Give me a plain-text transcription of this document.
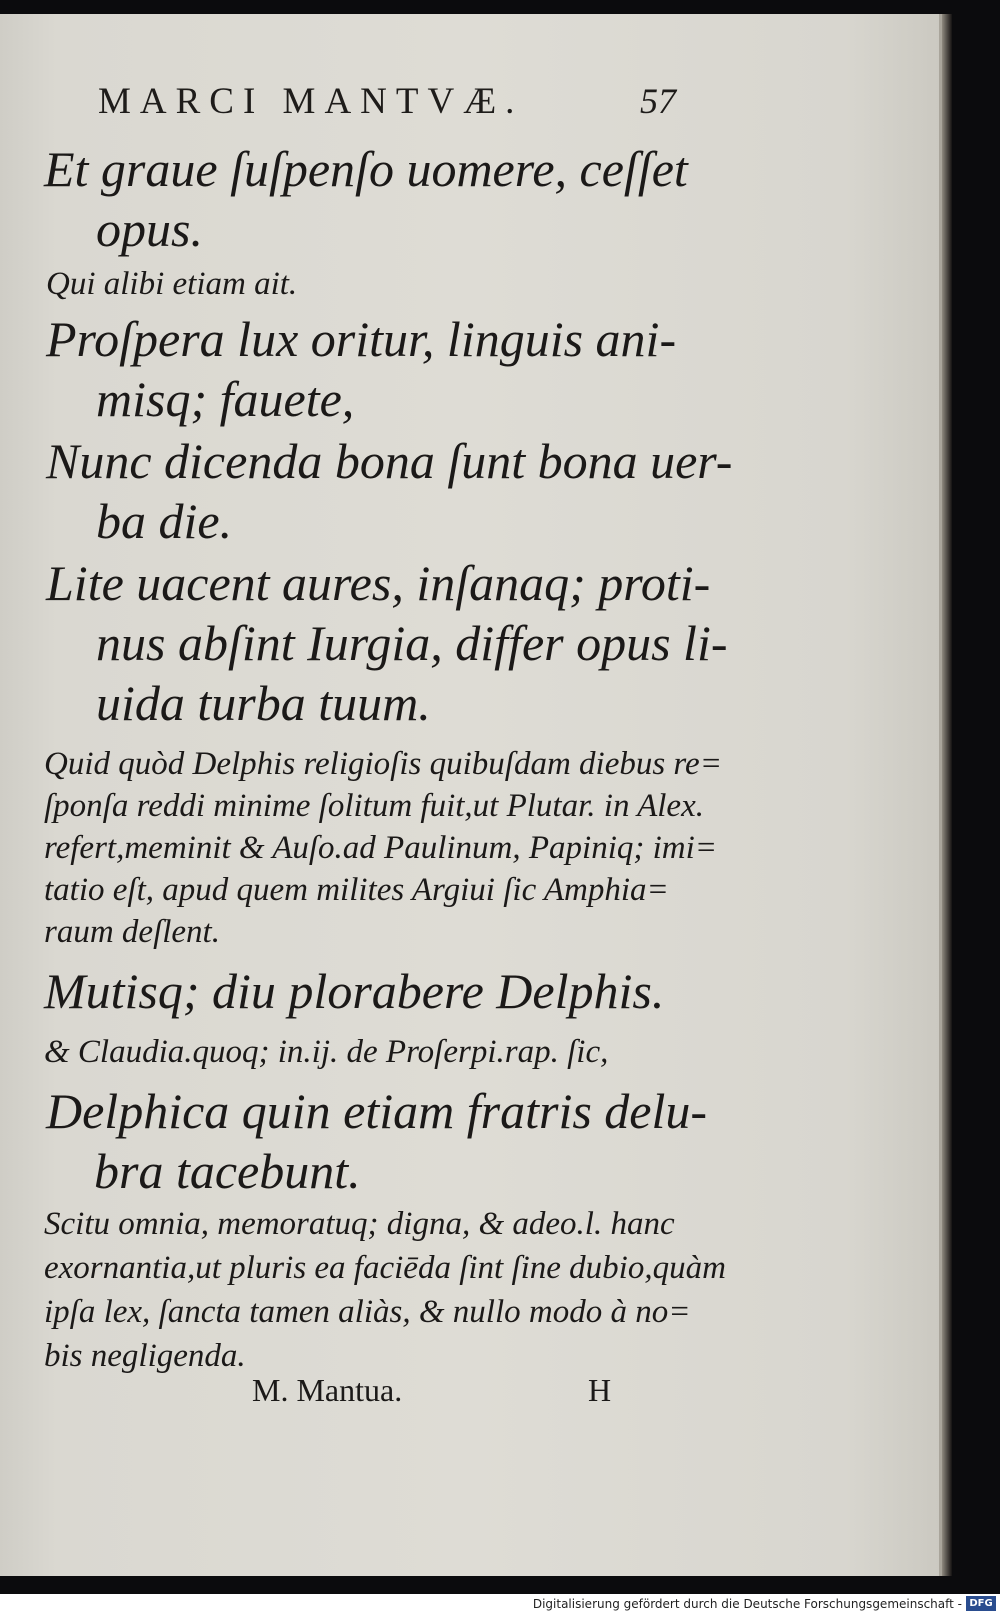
MARCI MANTVÆ.	57
Et graue ſuſpenſo uomere, ceſſet
opus.
Qui alibi etiam ait.
Proſpera lux oritur, linguis ani-
misq; fauete,
Nunc dicenda bona ſunt bona uer-
ba die.
Lite uacent aures, inſanaq; proti-
nus abſint Iurgia, differ opus li-
uida turba tuum.
Quid quòd Delphis religioſis quibuſdam diebus re=
ſponſa reddi minime ſolitum fuit,ut Plutar. in Alex.
refert,meminit & Auſo.ad Paulinum, Papiniq; imi=
tatio eſt, apud quem milites Argiui ſic Amphia=
raum deſlent.
Mutisq; diu plorabere Delphis.
& Claudia.quoq; in.ij. de Proſerpi.rap. ſic,
Delphica quin etiam fratris delu-
bra tacebunt.
Scitu omnia, memoratuq; digna, & adeo.l. hanc
exornantia,ut pluris ea faciēda ſint ſine dubio,quàm
ipſa lex, ſancta tamen aliàs, & nullo modo à no=
bis negligenda.
M. Mantua.	H
Digitalisierung gefördert durch die Deutsche Forschungsgemeinschaft - DFG
